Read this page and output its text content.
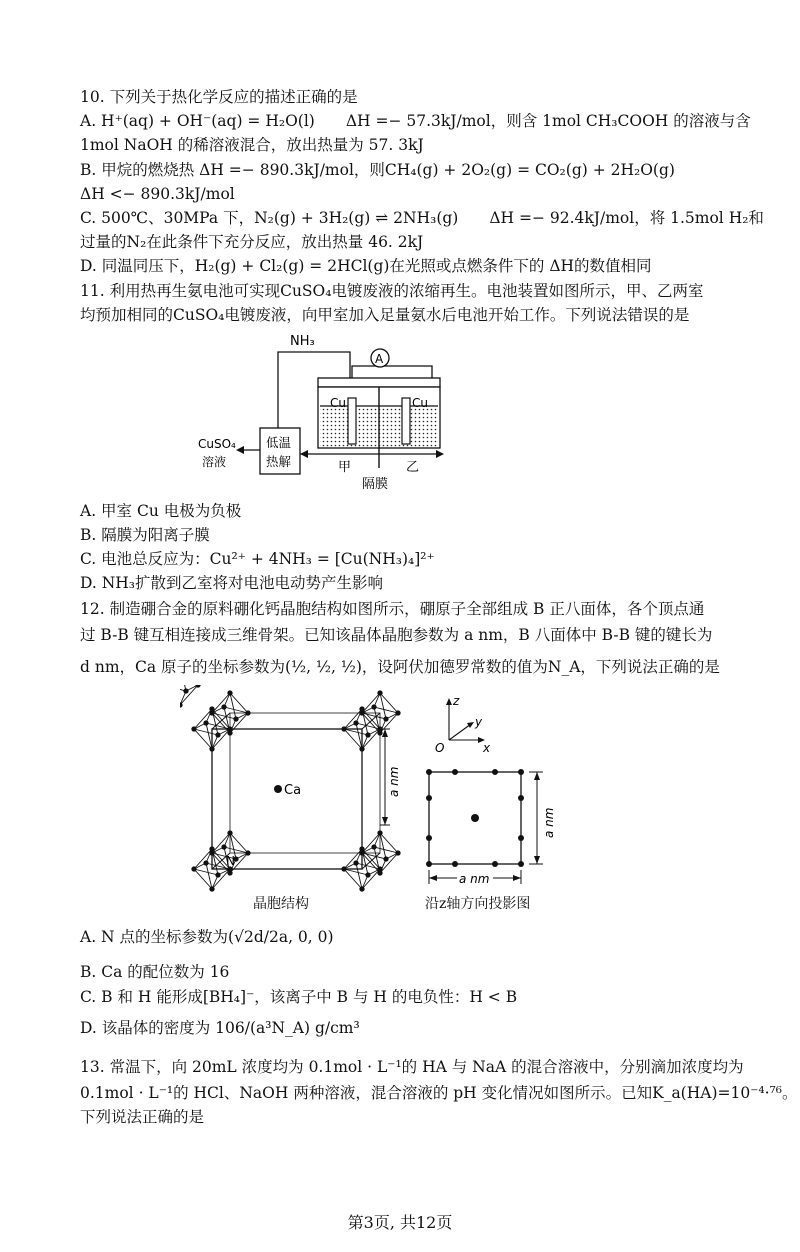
10. 下列关于热化学反应的描述正确的是
A. H⁺(aq) + OH⁻(aq) = H₂O(l)　　ΔH =− 57.3kJ/mol，则含 1mol CH₃COOH 的溶液与含
1mol NaOH 的稀溶液混合，放出热量为 57. 3kJ
B. 甲烷的燃烧热 ΔH =− 890.3kJ/mol，则CH₄(g) + 2O₂(g) = CO₂(g) + 2H₂O(g)
ΔH <− 890.3kJ/mol
C. 500℃、30MPa 下，N₂(g) + 3H₂(g) ⇌ 2NH₃(g)　　ΔH =− 92.4kJ/mol，将 1.5mol H₂和
过量的N₂在此条件下充分反应，放出热量 46. 2kJ
D. 同温同压下，H₂(g) + Cl₂(g) = 2HCl(g)在光照或点燃条件下的 ΔH的数值相同
11. 利用热再生氨电池可实现CuSO₄电镀废液的浓缩再生。电池装置如图所示，甲、乙两室
均预加相同的CuSO₄电镀废液，向甲室加入足量氨水后电池开始工作。下列说法错误的是
NH₃
A
Cu	Cu
低温
热解
CuSO₄
溶液	甲	乙
隔膜
A. 甲室 Cu 电极为负极
B. 隔膜为阳离子膜
C. 电池总反应为：Cu²⁺ + 4NH₃ = [Cu(NH₃)₄]²⁺
D. NH₃扩散到乙室将对电池电动势产生影响
12. 制造硼合金的原料硼化钙晶胞结构如图所示，硼原子全部组成 B 正八面体，各个顶点通
过 B-B 键互相连接成三维骨架。已知该晶体晶胞参数为 a nm，B 八面体中 B-B 键的键长为
d nm，Ca 原子的坐标参数为(½, ½, ½)，设阿伏加德罗常数的值为N_A，下列说法正确的是
Ca
N
a nm
晶胞结构
z
y
x
O
a nm
a nm
沿z轴方向投影图
A. N 点的坐标参数为(√2d/2a, 0, 0)
B. Ca 的配位数为 16
C. B 和 H 能形成[BH₄]⁻，该离子中 B 与 H 的电负性：H < B
D. 该晶体的密度为 106/(a³N_A) g/cm³
13. 常温下，向 20mL 浓度均为 0.1mol · L⁻¹的 HA 与 NaA 的混合溶液中，分别滴加浓度均为
0.1mol · L⁻¹的 HCl、NaOH 两种溶液，混合溶液的 pH 变化情况如图所示。已知K_a(HA)=10⁻⁴·⁷⁶。
下列说法正确的是
第3页, 共12页
